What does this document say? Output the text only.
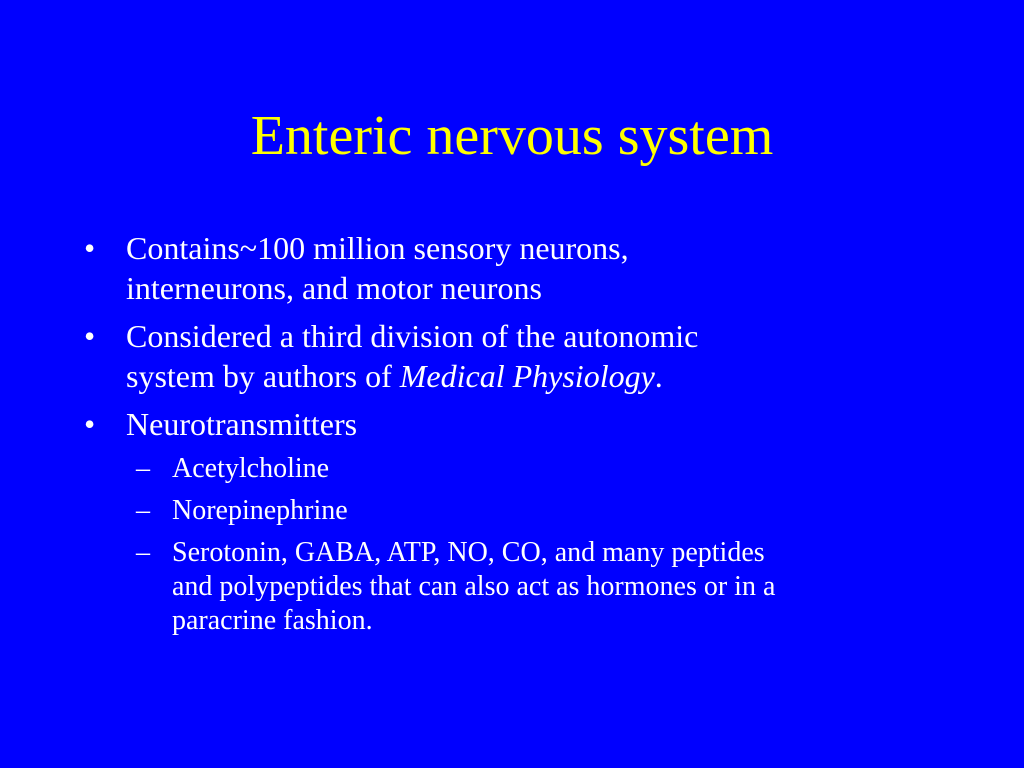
Enteric nervous system
• Contains~100 million sensory neurons,
interneurons, and motor neurons
• Considered a third division of the autonomic
system by authors of Medical Physiology.
• Neurotransmitters
– Acetylcholine
– Norepinephrine
– Serotonin, GABA, ATP, NO, CO, and many peptides
and polypeptides that can also act as hormones or in a
paracrine fashion.
